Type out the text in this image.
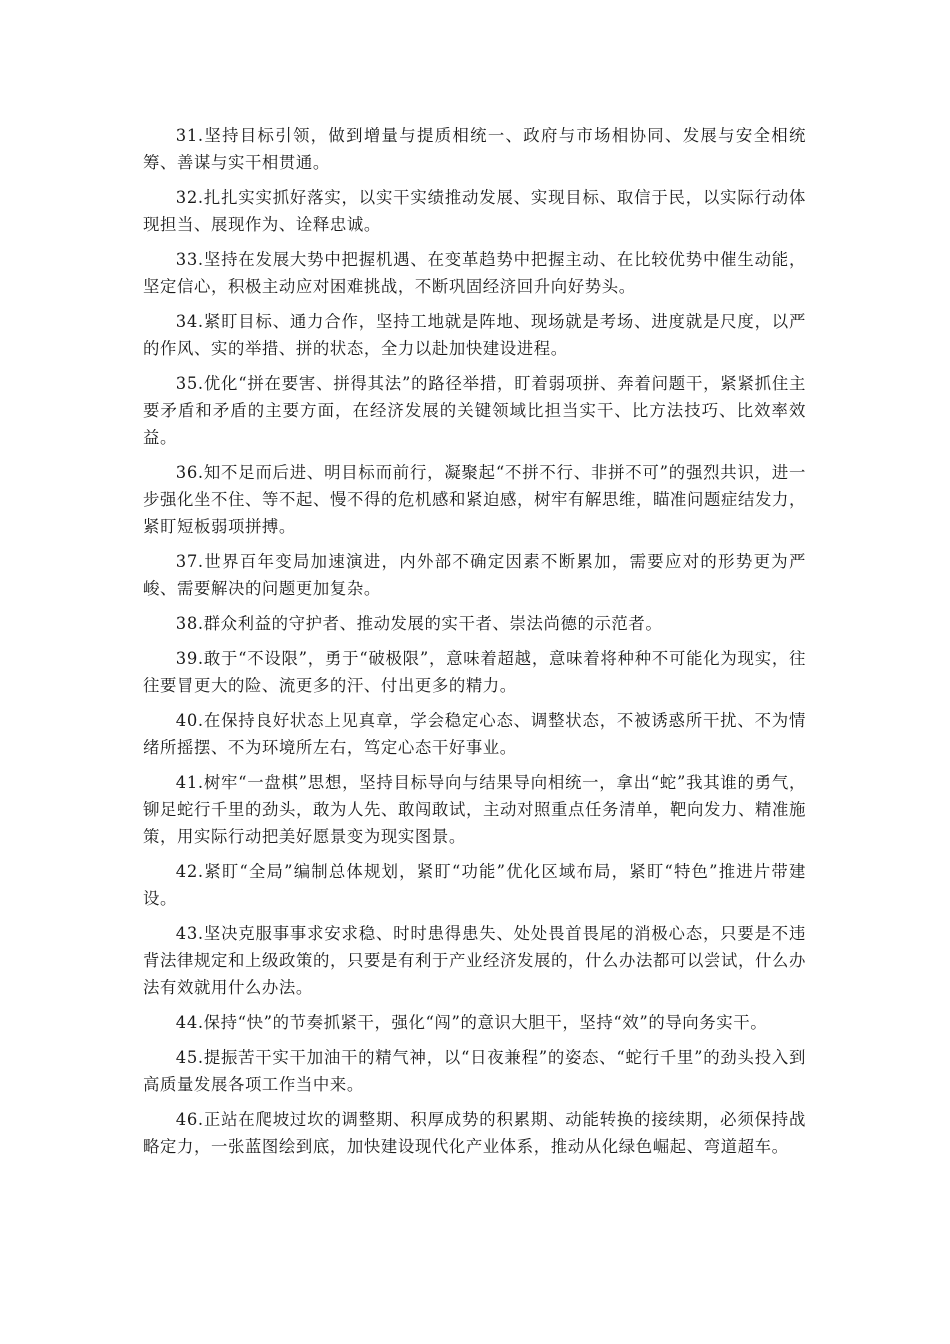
31.坚持目标引领，做到增量与提质相统一、政府与市场相协同、发展与安全相统筹、善谋与实干相贯通。

32.扎扎实实抓好落实，以实干实绩推动发展、实现目标、取信于民，以实际行动体现担当、展现作为、诠释忠诚。

33.坚持在发展大势中把握机遇、在变革趋势中把握主动、在比较优势中催生动能，坚定信心，积极主动应对困难挑战，不断巩固经济回升向好势头。

34.紧盯目标、通力合作，坚持工地就是阵地、现场就是考场、进度就是尺度，以严的作风、实的举措、拼的状态，全力以赴加快建设进程。

35.优化“拼在要害、拼得其法”的路径举措，盯着弱项拼、奔着问题干，紧紧抓住主要矛盾和矛盾的主要方面，在经济发展的关键领域比担当实干、比方法技巧、比效率效益。

36.知不足而后进、明目标而前行，凝聚起“不拼不行、非拼不可”的强烈共识，进一步强化坐不住、等不起、慢不得的危机感和紧迫感，树牢有解思维，瞄准问题症结发力，紧盯短板弱项拼搏。

37.世界百年变局加速演进，内外部不确定因素不断累加，需要应对的形势更为严峻、需要解决的问题更加复杂。

38.群众利益的守护者、推动发展的实干者、崇法尚德的示范者。

39.敢于“不设限”，勇于“破极限”，意味着超越，意味着将种种不可能化为现实，往往要冒更大的险、流更多的汗、付出更多的精力。

40.在保持良好状态上见真章，学会稳定心态、调整状态，不被诱惑所干扰、不为情绪所摇摆、不为环境所左右，笃定心态干好事业。

41.树牢“一盘棋”思想，坚持目标导向与结果导向相统一，拿出“蛇”我其谁的勇气，铆足蛇行千里的劲头，敢为人先、敢闯敢试，主动对照重点任务清单，靶向发力、精准施策，用实际行动把美好愿景变为现实图景。

42.紧盯“全局”编制总体规划，紧盯“功能”优化区域布局，紧盯“特色”推进片带建设。

43.坚决克服事事求安求稳、时时患得患失、处处畏首畏尾的消极心态，只要是不违背法律规定和上级政策的，只要是有利于产业经济发展的，什么办法都可以尝试，什么办法有效就用什么办法。

44.保持“快”的节奏抓紧干，强化“闯”的意识大胆干，坚持“效”的导向务实干。

45.提振苦干实干加油干的精气神，以“日夜兼程”的姿态、“蛇行千里”的劲头投入到高质量发展各项工作当中来。

46.正站在爬坡过坎的调整期、积厚成势的积累期、动能转换的接续期，必须保持战略定力，一张蓝图绘到底，加快建设现代化产业体系，推动从化绿色崛起、弯道超车。
